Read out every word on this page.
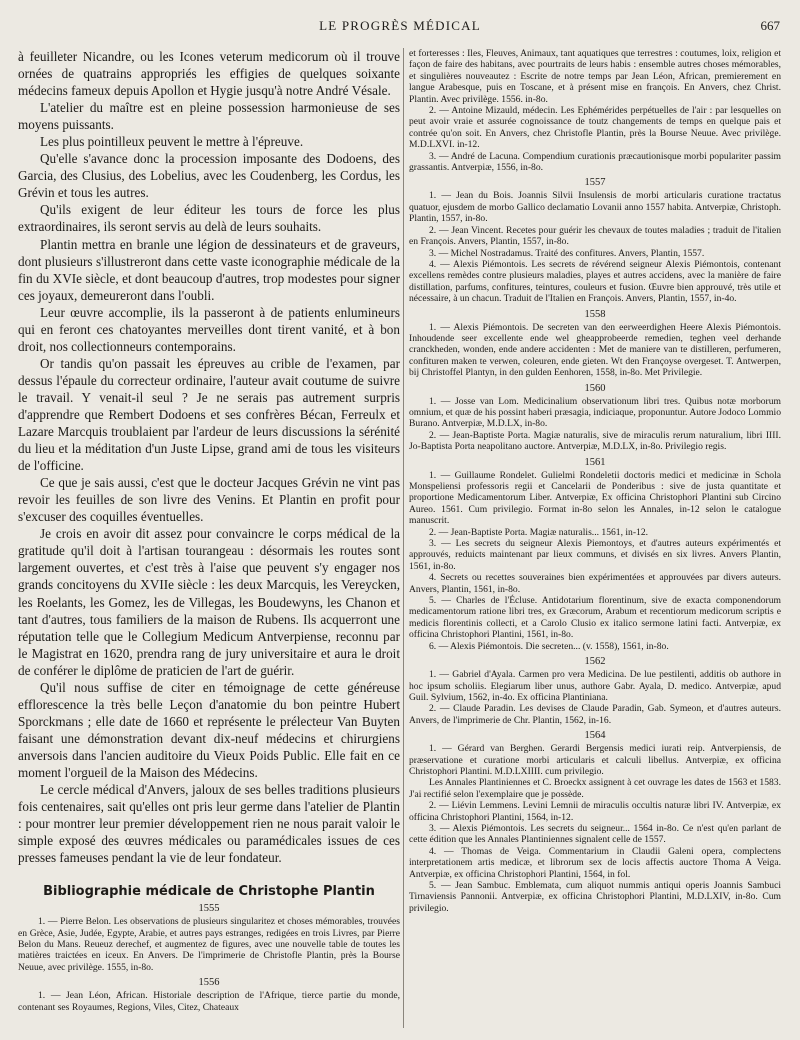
LE PROGRÈS MÉDICAL	667

à feuilleter Nicandre, ou les Icones veterum medicorum où il trouve ornées de quatrains appropriés les effigies de quelques soixante médecins fameux depuis Apollon et Hygie jusqu'à notre André Vésale.

L'atelier du maître est en pleine possession harmonieuse de ses moyens puissants.

Les plus pointilleux peuvent le mettre à l'épreuve.

Qu'elle s'avance donc la procession imposante des Dodoens, des Garcia, des Clusius, des Lobelius, avec les Coudenberg, les Cordus, les Grévin et tous les autres.

Qu'ils exigent de leur éditeur les tours de force les plus extraordinaires, ils seront servis au delà de leurs souhaits.

Plantin mettra en branle une légion de dessinateurs et de graveurs, dont plusieurs s'illustreront dans cette vaste iconographie médicale de la fin du XVIe siècle, et dont beaucoup d'autres, trop modestes pour signer ces joyaux, demeureront dans l'oubli.

Leur œuvre accomplie, ils la passeront à de patients enlumineurs qui en feront ces chatoyantes merveilles dont tirent vanité, et à bon droit, nos collectionneurs contemporains.

Or tandis qu'on passait les épreuves au crible de l'examen, par dessus l'épaule du correcteur ordinaire, l'auteur avait coutume de suivre le travail. Y venait-il seul ? Je ne serais pas autrement surpris d'apprendre que Rembert Dodoens et ses confrères Bécan, Ferreulx et Lazare Marcquis troublaient par l'ardeur de leurs discussions la sérénité du lieu et la méditation d'un Juste Lipse, grand ami de tous les visiteurs de l'officine.

Ce que je sais aussi, c'est que le docteur Jacques Grévin ne vint pas revoir les feuilles de son livre des Venins. Et Plantin en profit pour s'excuser des coquilles éventuelles.

Je crois en avoir dit assez pour convaincre le corps médical de la gratitude qu'il doit à l'artisan tourangeau : désormais les routes sont largement ouvertes, et c'est très à l'aise que peuvent s'y engager nos grands concitoyens du XVIIe siècle : les deux Marcquis, les Vereycken, les Roelants, les Gomez, les de Villegas, les Boudewyns, les Chanon et tant d'autres, tous familiers de la maison de Rubens. Ils acquerront une réputation telle que le Collegium Medicum Antverpiense, reconnu par le Magistrat en 1620, prendra rang de jury universitaire et aura le droit de conférer le diplôme de praticien de l'art de guérir.

Qu'il nous suffise de citer en témoignage de cette généreuse efflorescence la très belle Leçon d'anatomie du bon peintre Hubert Sporckmans ; elle date de 1660 et représente le prélecteur Van Buyten faisant une démonstration devant dix-neuf médecins et chirurgiens anversois dans l'ancien auditoire du Vieux Poids Public. Elle fait en ce moment l'orgueil de la Maison des Médecins.

Le cercle médical d'Anvers, jaloux de ses belles traditions plusieurs fois centenaires, sait qu'elles ont pris leur germe dans l'atelier de Plantin : pour montrer leur premier développement rien ne nous parait valoir le simple exposé des œuvres médicales ou paramédicales issues de ces presses fameuses pendant la vie de leur fondateur.

Bibliographie médicale de Christophe Plantin
1555

1. — Pierre Belon. Les observations de plusieurs singularitez et choses mémorables, trouvées en Grèce, Asie, Judée, Egypte, Arabie, et autres pays estranges, redigées en trois Livres, par Pierre Belon du Mans. Reueuz derechef, et augmentez de figures, avec une nouvelle table de toutes les matières traictées en iceux. En Anvers. De l'imprimerie de Christofle Plantin, près la Bourse Neuue, avec privilège. 1555, in-8o.

1556

1. — Jean Léon, African. Historiale description de l'Afrique, tierce partie du monde, contenant ses Royaumes, Regions, Viles, Citez, Chateaux

et forteresses : Iles, Fleuves, Animaux, tant aquatiques que terrestres : coutumes, loix, religion et façon de faire des habitans, avec pourtraits de leurs habis : ensemble autres choses mémorables, et singulières nouveautez : Escrite de notre temps par Jean Léon, African, premierement en langue Arabesque, puis en Toscane, et à présent mise en françois. En Anvers, chez Christ. Plantin. Avec privilège. 1556. in-8o.

2. — Antoine Mizauld, médecin. Les Ephémérides perpétuelles de l'air : par lesquelles on peut avoir vraie et assurée cognoissance de toutz changements de temps en quelque pais et contrée qu'on soit. En Anvers, chez Christofle Plantin, près la Bourse Neuue. Avec privilège. M.D.LXVI. in-12.

3. — André de Lacuna. Compendium curationis præcautionisque morbi populariter passim grassantis. Antverpiæ, 1556, in-8o.

1557

1. — Jean du Bois. Joannis Silvii Insulensis de morbi articularis curatione tractatus quatuor, ejusdem de morbo Gallico declamatio Lovanii anno 1557 habita. Antverpiæ, Christoph. Plantin, 1557, in-8o.

2. — Jean Vincent. Recetes pour guérir les chevaux de toutes maladies ; traduit de l'italien en François. Anvers, Plantin, 1557, in-8o.

3. — Michel Nostradamus. Traité des confitures. Anvers, Plantin, 1557.

4. — Alexis Piémontois. Les secrets de révérend seigneur Alexis Piémontois, contenant excellens remèdes contre plusieurs maladies, playes et autres accidens, avec la manière de faire distillation, parfums, confitures, teintures, couleurs et fusion. Œuvre bien approuvé, très utile et nécessaire, à un chacun. Traduit de l'Italien en François. Anvers, Plantin, 1557, in-4o.

1558

1. — Alexis Piémontois. De secreten van den eerweerdighen Heere Alexis Piémontois. Inhoudende seer excellente ende wel gheapprobeerde remedien, teghen veel derhande cranckheden, wonden, ende andere accidenten : Met de maniere van te distilleren, perfumeren, confituren maken te verwen, coleuren, ende gieten. Wt den Françoyse overgeset. T. Antwerpen, bij Christoffel Plantyn, in den gulden Eenhoren, 1558, in-8o. Met Privilegie.

1560

1. — Josse van Lom. Medicinalium observationum libri tres. Quibus notæ morborum omnium, et quæ de his possint haberi præsagia, indiciaque, proponuntur. Autore Jodoco Lommio Burano. Antverpiæ, M.D.LX, in-8o.

2. — Jean-Baptiste Porta. Magiæ naturalis, sive de miraculis rerum naturalium, libri IIII. Jo-Baptista Porta neapolitano auctore. Antverpiæ, M.D.LX, in-8o. Privilegio regis.

1561

1. — Guillaume Rondelet. Gulielmi Rondeletii doctoris medici et medicinæ in Schola Monspeliensi professoris regii et Cancelarii de Ponderibus : sive de justa quantitate et proportione Medicamentorum Liber. Antverpiæ, Ex officina Christophori Plantini sub Circino Aureo. 1561. Cum privilegio. Format in-8o selon les Annales, in-12 selon le catalogue manuscrit.

2. — Jean-Baptiste Porta. Magiæ naturalis... 1561, in-12.

3. — Les secrets du seigneur Alexis Piemontoys, et d'autres auteurs expérimentés et approuvés, reduicts maintenant par lieux communs, et divisés en six livres. Anvers Plantin, 1561, in-8o.

4. Secrets ou recettes souveraines bien expérimentées et approuvées par divers auteurs. Anvers, Plantin, 1561, in-8o.

5. — Charles de l'Écluse. Antidotarium florentinum, sive de exacta componendorum medicamentorum ratione libri tres, ex Græcorum, Arabum et recentiorum medicorum scriptis e medicis florentinis collecti, et a Carolo Clusio ex italico sermone latini facti. Antverpiæ, ex officina Christophori Plantini, 1561, in-8o.

6. — Alexis Piémontois. Die secreten... (v. 1558), 1561, in-8o.

1562

1. — Gabriel d'Ayala. Carmen pro vera Medicina. De lue pestilenti, additis ob authore in hoc ipsum scholiis. Elegiarum liber unus, authore Gabr. Ayala, D. medico. Antverpiæ, apud Guil. Sylvium, 1562, in-4o. Ex officina Plantiniana.

2. — Claude Paradin. Les devises de Claude Paradin, Gab. Symeon, et d'autres auteurs. Anvers, de l'imprimerie de Chr. Plantin, 1562, in-16.

1564

1. — Gérard van Berghen. Gerardi Bergensis medici iurati reip. Antverpiensis, de præservatione et curatione morbi articularis et calculi libellus. Antverpiæ, ex officina Christophori Plantini. M.D.LXIIII. cum privilegio.

Les Annales Plantiniennes et C. Broeckx assignent à cet ouvrage les dates de 1563 et 1583. J'ai rectifié selon l'exemplaire que je possède.

2. — Liévin Lemmens. Levini Lemnii de miraculis occultis naturæ libri IV. Antverpiæ, ex officina Christophori Plantini, 1564, in-12.

3. — Alexis Piémontois. Les secrets du seigneur... 1564 in-8o. Ce n'est qu'en parlant de cette édition que les Annales Plantiniennes signalent celle de 1557.

4. — Thomas de Veiga. Commentarium in Claudii Galeni opera, complectens interpretationem artis medicæ, et librorum sex de locis affectis auctore Thoma A Veiga. Antverpiæ, ex officina Christophori Plantini, 1564, in fol.

5. — Jean Sambuc. Emblemata, cum aliquot nummis antiqui operis Joannis Sambuci Tirnaviensis Pannonii. Antverpiæ, ex officina Christophori Plantini, M.D.LXIV, in-8o. Cum privilegio.
